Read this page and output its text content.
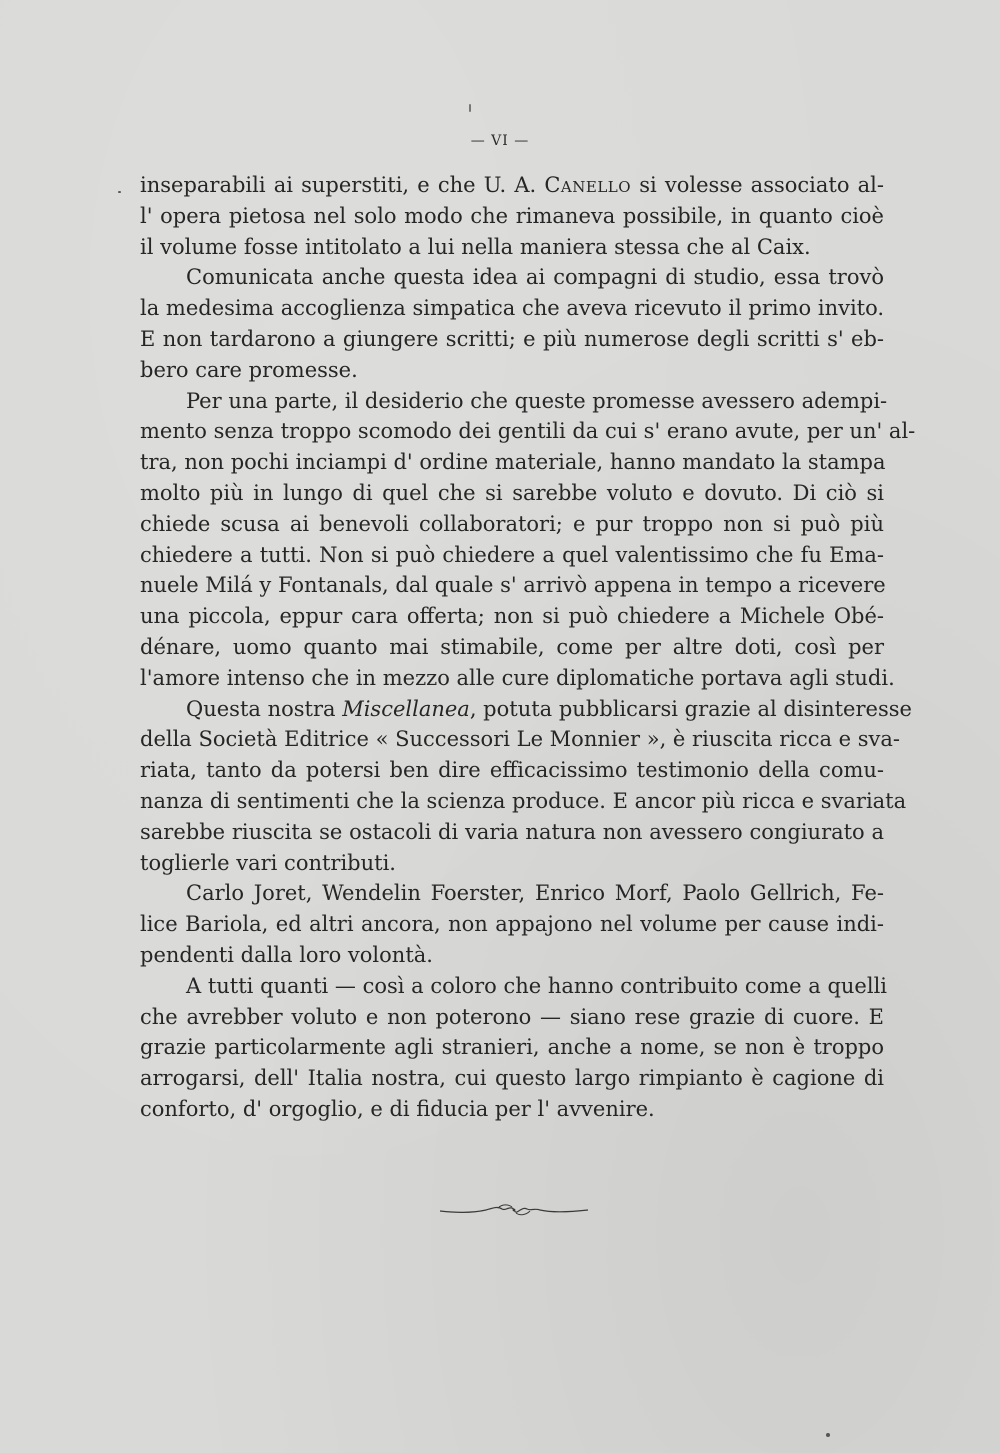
— VI —
inseparabili ai superstiti, e che U. A. Canello si volesse associato al-
l' opera pietosa nel solo modo che rimaneva possibile, in quanto cioè
il volume fosse intitolato a lui nella maniera stessa che al Caix.
Comunicata anche questa idea ai compagni di studio, essa trovò
la medesima accoglienza simpatica che aveva ricevuto il primo invito.
E non tardarono a giungere scritti; e più numerose degli scritti s' eb-
bero care promesse.
Per una parte, il desiderio che queste promesse avessero adempi-
mento senza troppo scomodo dei gentili da cui s' erano avute, per un' al-
tra, non pochi inciampi d' ordine materiale, hanno mandato la stampa
molto più in lungo di quel che si sarebbe voluto e dovuto. Di ciò si
chiede scusa ai benevoli collaboratori; e pur troppo non si può più
chiedere a tutti. Non si può chiedere a quel valentissimo che fu Ema-
nuele Milá y Fontanals, dal quale s' arrivò appena in tempo a ricevere
una piccola, eppur cara offerta; non si può chiedere a Michele Obé-
dénare, uomo quanto mai stimabile, come per altre doti, così per
l'amore intenso che in mezzo alle cure diplomatiche portava agli studi.
Questa nostra Miscellanea, potuta pubblicarsi grazie al disinteresse
della Società Editrice « Successori Le Monnier », è riuscita ricca e sva-
riata, tanto da potersi ben dire efficacissimo testimonio della comu-
nanza di sentimenti che la scienza produce. E ancor più ricca e svariata
sarebbe riuscita se ostacoli di varia natura non avessero congiurato a
toglierle vari contributi.
Carlo Joret, Wendelin Foerster, Enrico Morf, Paolo Gellrich, Fe-
lice Bariola, ed altri ancora, non appajono nel volume per cause indi-
pendenti dalla loro volontà.
A tutti quanti — così a coloro che hanno contribuito come a quelli
che avrebber voluto e non poterono — siano rese grazie di cuore. E
grazie particolarmente agli stranieri, anche a nome, se non è troppo
arrogarsi, dell' Italia nostra, cui questo largo rimpianto è cagione di
conforto, d' orgoglio, e di fiducia per l' avvenire.
